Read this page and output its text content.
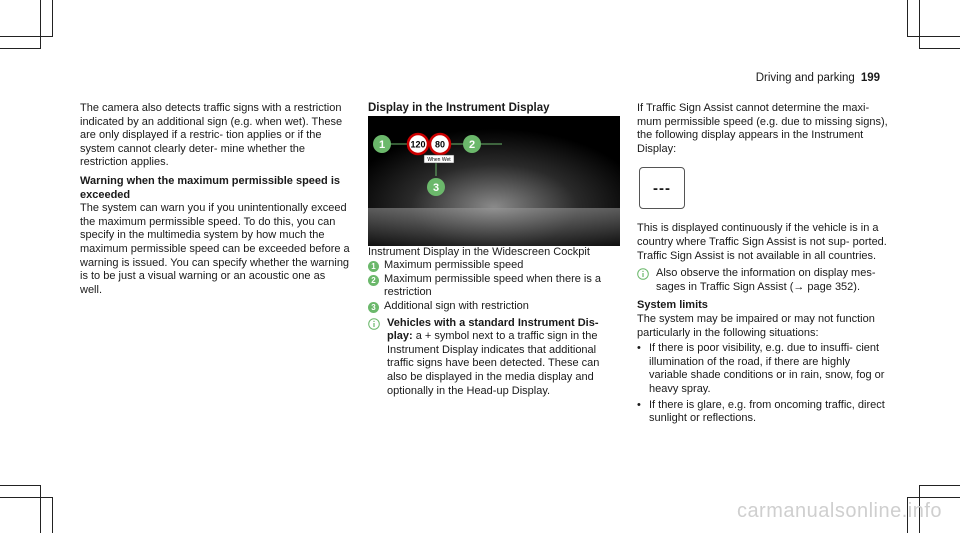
Driving and parking 199

The camera also detects traffic signs with a restriction indicated by an additional sign (e.g. when wet). These are only displayed if a restric- tion applies or if the system cannot clearly deter- mine whether the restriction applies.

Warning when the maximum permissible speed is exceeded

The system can warn you if you unintentionally exceed the maximum permissible speed. To do this, you can specify in the multimedia system by how much the maximum permissible speed can be exceeded before a warning is issued. You can specify whether the warning is to be just a visual warning or an acoustic one as well.

Display in the Instrument Display

1	2
3
120 80
When Wet

Instrument Display in the Widescreen Cockpit

1 Maximum permissible speed
2 Maximum permissible speed when there is a restriction
3 Additional sign with restriction

Vehicles with a standard Instrument Dis- play: a + symbol next to a traffic sign in the Instrument Display indicates that additional traffic signs have been detected. These can also be displayed in the media display and optionally in the Head-up Display.

If Traffic Sign Assist cannot determine the maxi- mum permissible speed (e.g. due to missing signs), the following display appears in the Instrument Display:

---

This is displayed continuously if the vehicle is in a country where Traffic Sign Assist is not sup- ported. Traffic Sign Assist is not available in all countries.

Also observe the information on display mes- sages in Traffic Sign Assist (→ page 352).

System limits

The system may be impaired or may not function particularly in the following situations:

• If there is poor visibility, e.g. due to insuffi- cient illumination of the road, if there are highly variable shade conditions or in rain, snow, fog or heavy spray.
• If there is glare, e.g. from oncoming traffic, direct sunlight or reflections.
carmanualsonline.info
